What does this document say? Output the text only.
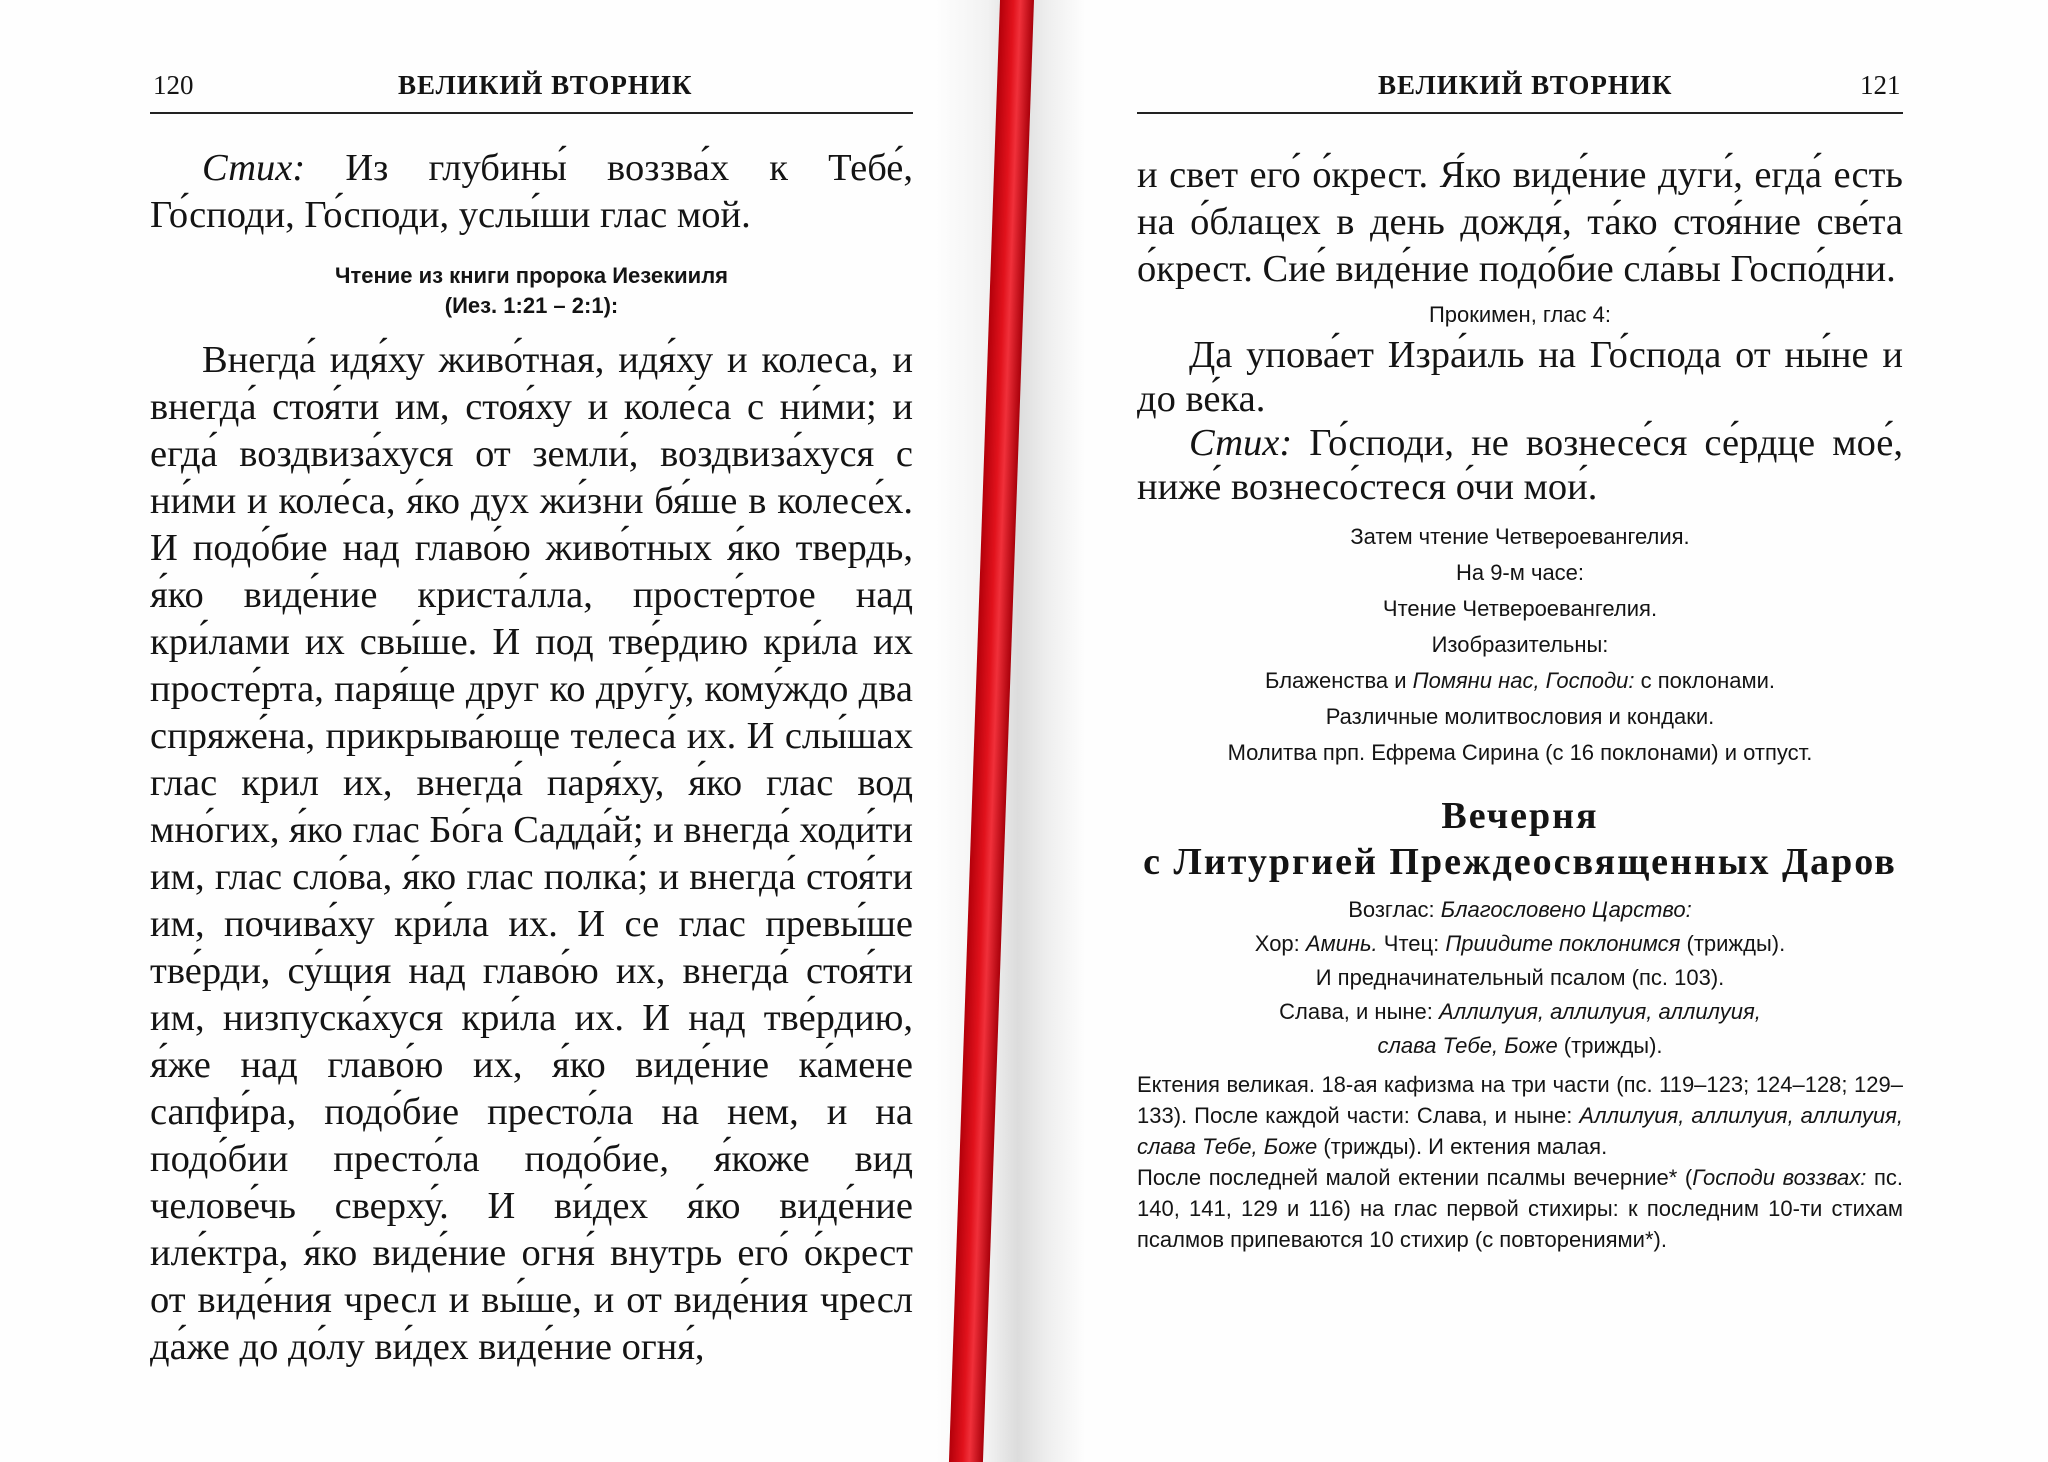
120	ВЕЛИКИЙ ВТОРНИК

Стих: Из глубины́ воззва́х к Тебе́, Го́споди, Го́споди, услы́ши глас мой.

Чтение из книги пророка Иезекииля
(Иез. 1:21 – 2:1):

Внегда́ идя́ху живо́тная, идя́ху и колеса, и внегда́ стоя́ти им, стоя́ху и коле́са с ни́ми; и егда́ воздвиза́хуся от земли́, воздвиза́хуся с ни́ми и коле́са, я́ко дух жи́зни бя́ше в колесе́х. И подо́бие над главо́ю живо́тных я́ко твердь, я́ко виде́ние криста́лла, просте́ртое над кри́лами их свы́ше. И под тве́рдию кри́ла их просте́рта, паря́ще друг ко дру́гу, кому́ждо два спряже́на, прикрыва́юще телеса́ их. И слы́шах глас крил их, внегда́ паря́ху, я́ко глас вод мно́гих, я́ко глас Бо́га Садда́й; и внегда́ ходи́ти им, глас сло́ва, я́ко глас полка́; и внегда́ стоя́ти им, почива́ху кри́ла их. И се глас превы́ше тве́рди, су́щия над главо́ю их, внегда́ стоя́ти им, низпуска́хуся кри́ла их. И над тве́рдию, я́же над главо́ю их, я́ко виде́ние ка́мене сапфи́ра, подо́бие престо́ла на нем, и на подо́бии престо́ла подо́бие, я́коже вид челове́чь свеpху́. И ви́дех я́ко виде́ние иле́ктра, я́ко виде́ние огня́ внутрь его́ о́крест от виде́ния чресл и вы́ше, и от виде́ния чресл да́же до до́лу ви́дех виде́ние огня́,

ВЕЛИКИЙ ВТОРНИК	121

и свет его́ о́крест. Я́ко виде́ние дуги́, егда́ есть на о́блацех в день дождя́, та́ко стоя́ние све́та о́крест. Сие́ виде́ние подо́бие сла́вы Госпо́дни.

Прокимен, глас 4:

Да упова́ет Изра́иль на Го́спода от ны́не и до ве́ка.

Стих: Го́споди, не вознесе́ся се́рдце мое́, ниже́ вознесо́стеся о́чи мои́.

Затем чтение Четвероевангелия.
На 9-м часе:
Чтение Четвероевангелия.
Изобразительны:
Блаженства и Помяни нас, Господи: с поклонами.
Различные молитвословия и кондаки.
Молитва прп. Ефрема Сирина (с 16 поклонами) и отпуст.
Вечерня
с Литургией Преждеосвященных Даров
Возглас: Благословено Царство:
Хор: Аминь. Чтец: Приидите поклонимся (трижды).
И предначинательный псалом (пс. 103).
Слава, и ныне: Аллилуия, аллилуия, аллилуия,
слава Тебе, Боже (трижды).

Ектения великая. 18-ая кафизма на три части (пс. 119–123; 124–128; 129–133). После каждой части: Слава, и ныне: Аллилуия, аллилуия, аллилуия, слава Тебе, Боже (трижды). И ектения малая.

После последней малой ектении псалмы вечерние* (Господи воззвах: пс. 140, 141, 129 и 116) на глас первой стихиры: к последним 10-ти стихам псалмов припеваются 10 стихир (с повторениями*).
